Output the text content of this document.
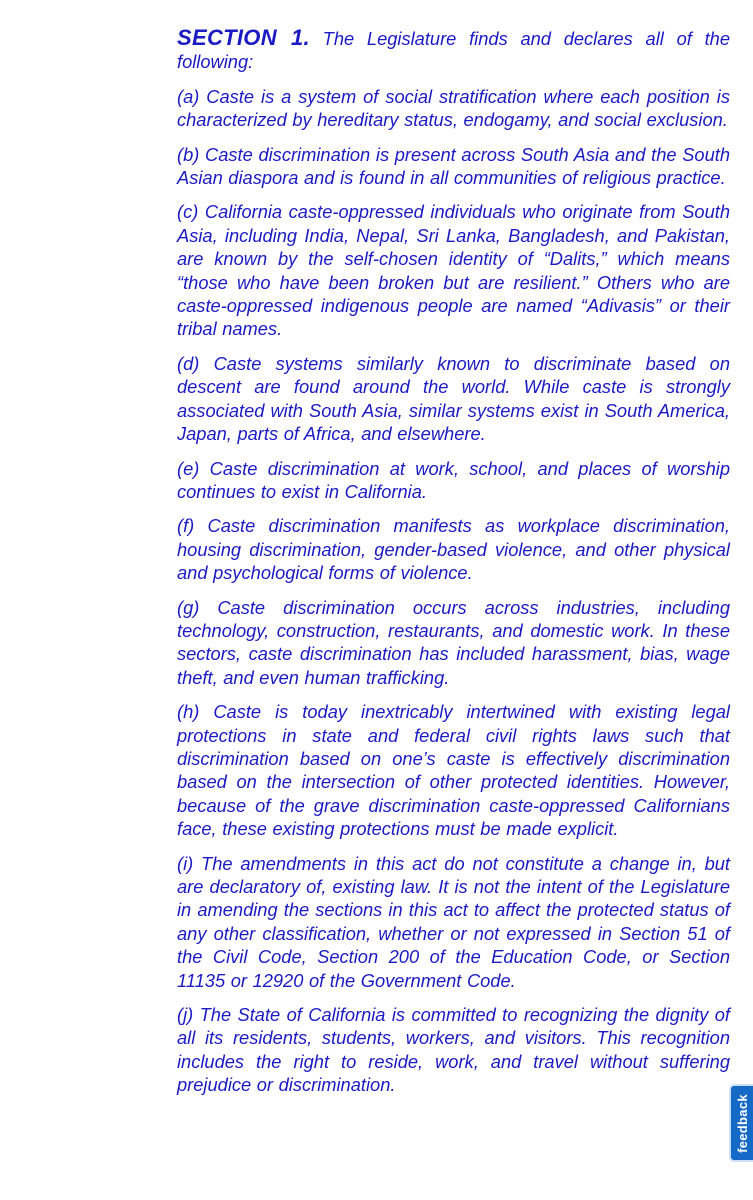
SECTION 1. The Legislature finds and declares all of the following:

(a) Caste is a system of social stratification where each position is characterized by hereditary status, endogamy, and social exclusion.

(b) Caste discrimination is present across South Asia and the South Asian diaspora and is found in all communities of religious practice.

(c) California caste-oppressed individuals who originate from South Asia, including India, Nepal, Sri Lanka, Bangladesh, and Pakistan, are known by the self-chosen identity of “Dalits,” which means “those who have been broken but are resilient.” Others who are caste-oppressed indigenous people are named “Adivasis” or their tribal names.

(d) Caste systems similarly known to discriminate based on descent are found around the world. While caste is strongly associated with South Asia, similar systems exist in South America, Japan, parts of Africa, and elsewhere.

(e) Caste discrimination at work, school, and places of worship continues to exist in California.

(f) Caste discrimination manifests as workplace discrimination, housing discrimination, gender-based violence, and other physical and psychological forms of violence.

(g) Caste discrimination occurs across industries, including technology, construction, restaurants, and domestic work. In these sectors, caste discrimination has included harassment, bias, wage theft, and even human trafficking.

(h) Caste is today inextricably intertwined with existing legal protections in state and federal civil rights laws such that discrimination based on one’s caste is effectively discrimination based on the intersection of other protected identities. However, because of the grave discrimination caste-oppressed Californians face, these existing protections must be made explicit.

(i) The amendments in this act do not constitute a change in, but are declaratory of, existing law. It is not the intent of the Legislature in amending the sections in this act to affect the protected status of any other classification, whether or not expressed in Section 51 of the Civil Code, Section 200 of the Education Code, or Section 11135 or 12920 of the Government Code.

(j) The State of California is committed to recognizing the dignity of all its residents, students, workers, and visitors. This recognition includes the right to reside, work, and travel without suffering prejudice or discrimination.

feedback
